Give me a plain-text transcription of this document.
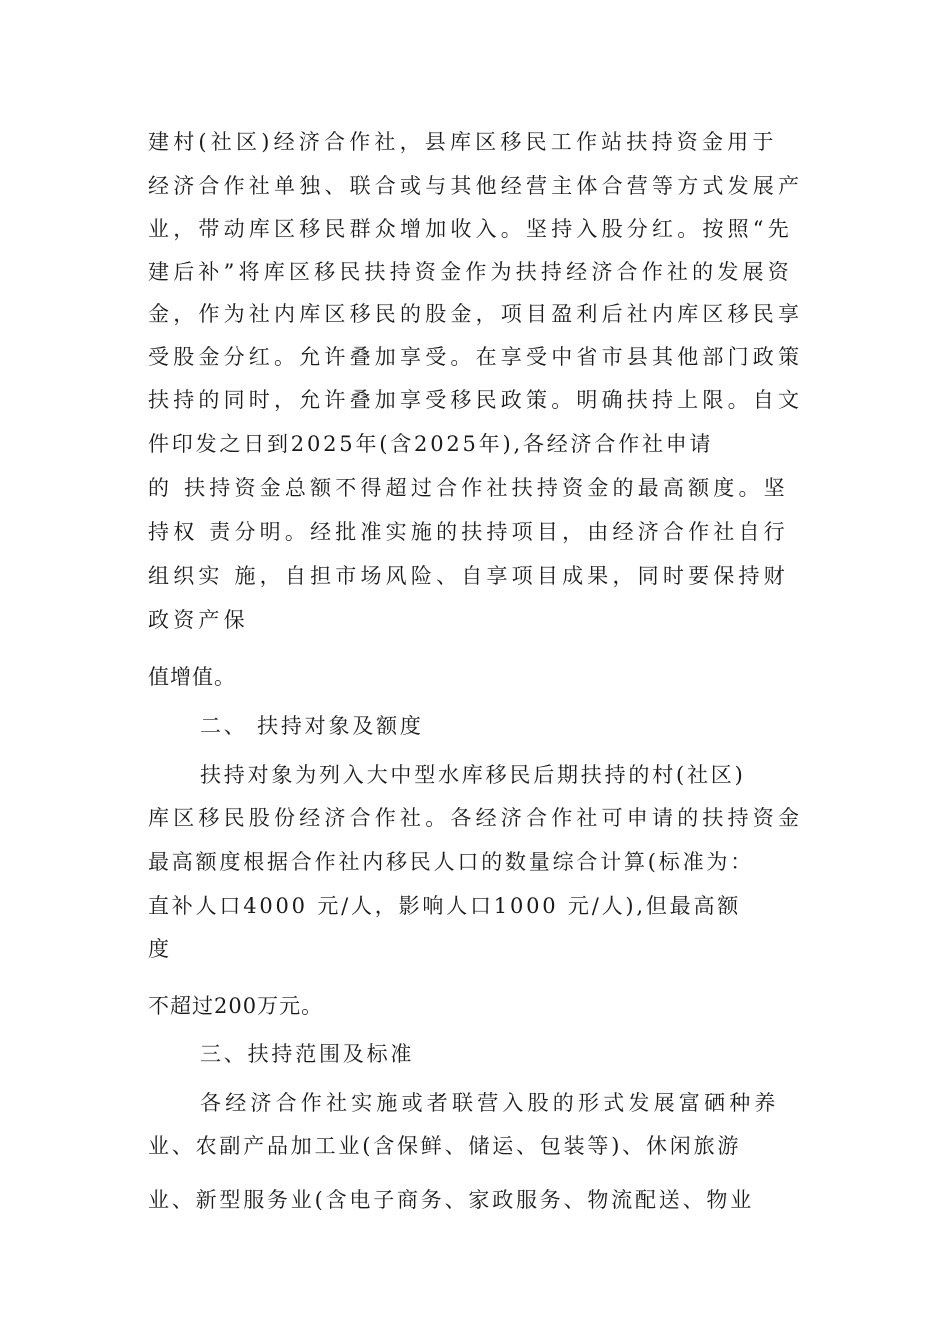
建村(社区)经济合作社，县库区移民工作站扶持资金用于

经济合作社单独、联合或与其他经营主体合营等方式发展产

业，带动库区移民群众增加收入。坚持入股分红。按照“先

建后补”将库区移民扶持资金作为扶持经济合作社的发展资

金，作为社内库区移民的股金，项目盈利后社内库区移民享

受股金分红。允许叠加享受。在享受中省市县其他部门政策

扶持的同时，允许叠加享受移民政策。明确扶持上限。自文

件印发之日到2025年(含2025年),各经济合作社申请

的 扶持资金总额不得超过合作社扶持资金的最高额度。坚

持权 责分明。经批准实施的扶持项目，由经济合作社自行

组织实 施，自担市场风险、自享项目成果，同时要保持财

政资产保

值增值。

二、 扶持对象及额度

扶持对象为列入大中型水库移民后期扶持的村(社区)

库区移民股份经济合作社。各经济合作社可申请的扶持资金

最高额度根据合作社内移民人口的数量综合计算(标准为：

直补人口4000 元/人，影响人口1000 元/人),但最高额

度

不超过200万元。

三、扶持范围及标准

各经济合作社实施或者联营入股的形式发展富硒种养

业、农副产品加工业(含保鲜、储运、包装等)、休闲旅游

业、新型服务业(含电子商务、家政服务、物流配送、物业
